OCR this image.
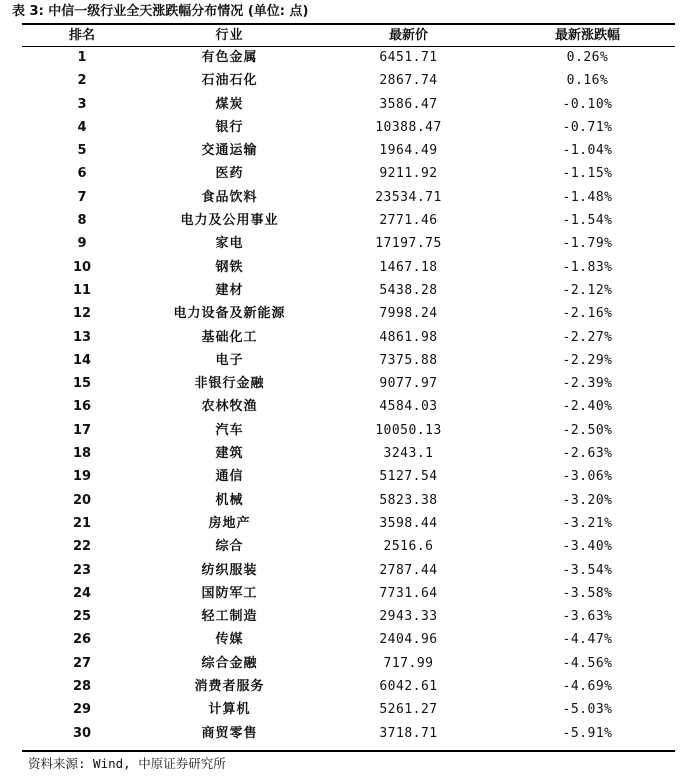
表 3: 中信一级行业全天涨跌幅分布情况 (单位: 点)
排名	行业	最新价	最新涨跌幅
1	有色金属	6451.71	0.26%
2	石油石化	2867.74	0.16%
3	煤炭	3586.47	-0.10%
4	银行	10388.47	-0.71%
5	交通运输	1964.49	-1.04%
6	医药	9211.92	-1.15%
7	食品饮料	23534.71	-1.48%
8	电力及公用事业	2771.46	-1.54%
9	家电	17197.75	-1.79%
10	钢铁	1467.18	-1.83%
11	建材	5438.28	-2.12%
12	电力设备及新能源	7998.24	-2.16%
13	基础化工	4861.98	-2.27%
14	电子	7375.88	-2.29%
15	非银行金融	9077.97	-2.39%
16	农林牧渔	4584.03	-2.40%
17	汽车	10050.13	-2.50%
18	建筑	3243.1	-2.63%
19	通信	5127.54	-3.06%
20	机械	5823.38	-3.20%
21	房地产	3598.44	-3.21%
22	综合	2516.6	-3.40%
23	纺织服装	2787.44	-3.54%
24	国防军工	7731.64	-3.58%
25	轻工制造	2943.33	-3.63%
26	传媒	2404.96	-4.47%
27	综合金融	717.99	-4.56%
28	消费者服务	6042.61	-4.69%
29	计算机	5261.27	-5.03%
30	商贸零售	3718.71	-5.91%
资料来源: Wind, 中原证券研究所
